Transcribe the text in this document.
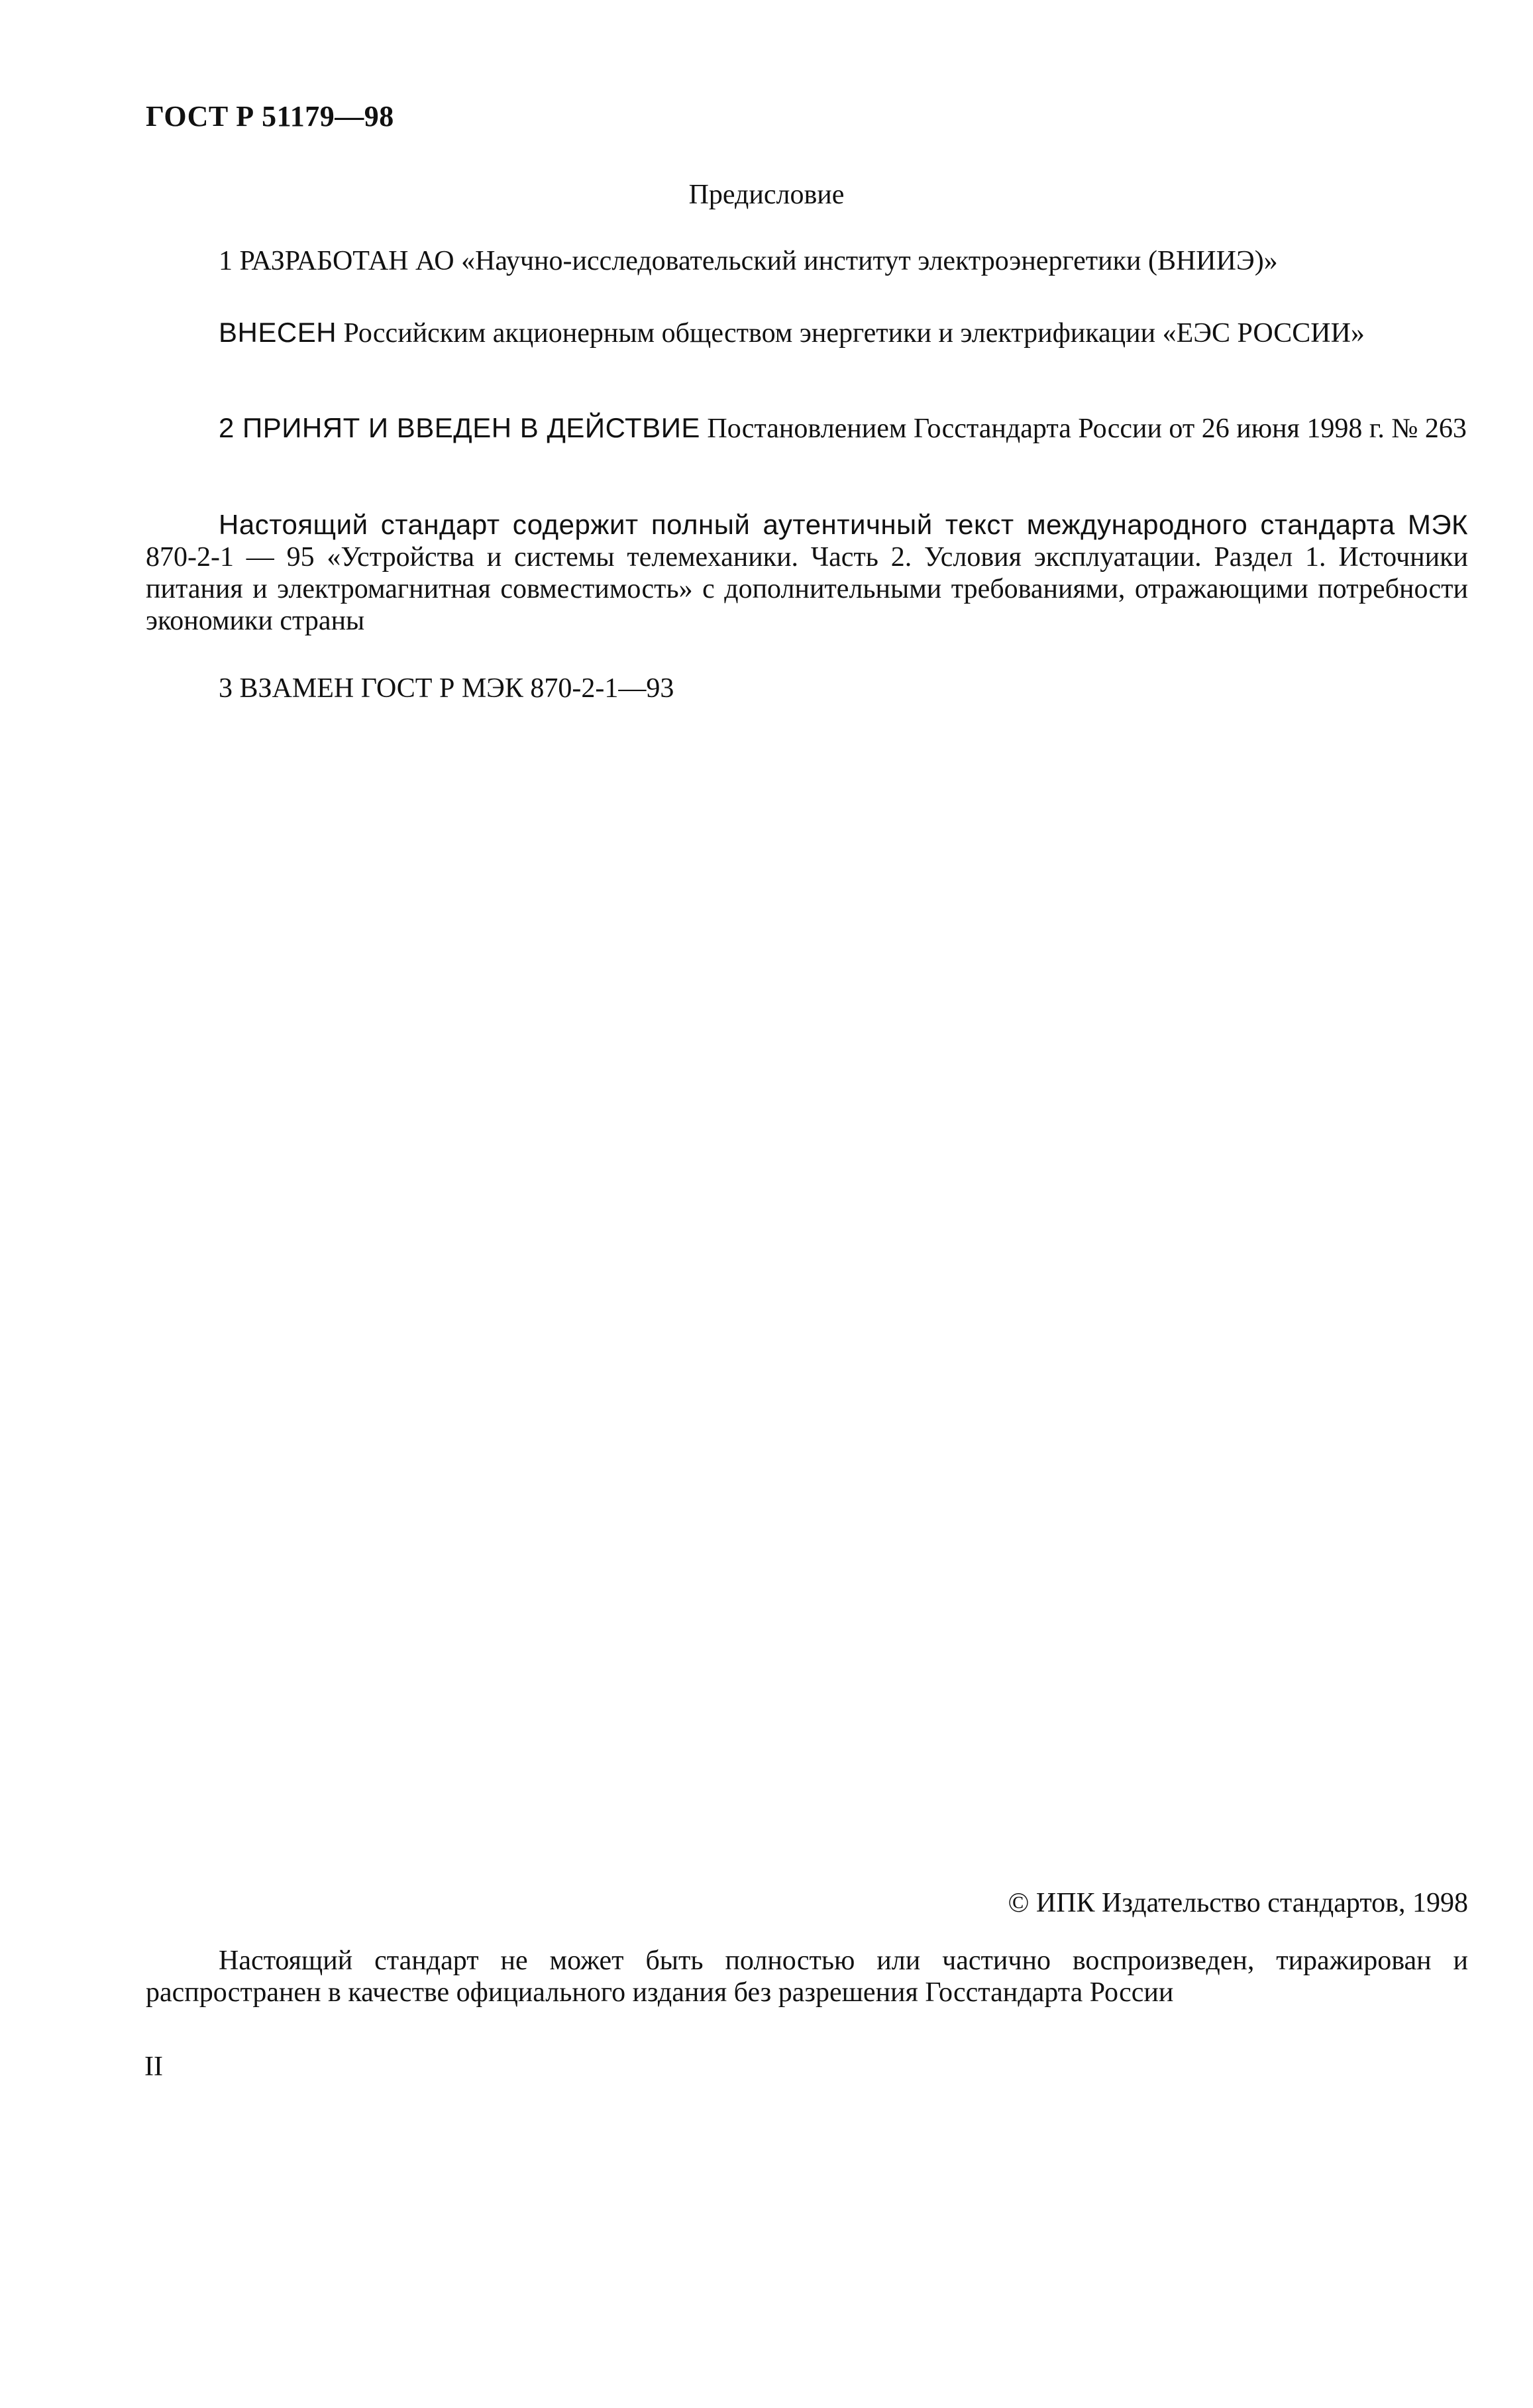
ГОСТ Р 51179—98
Предисловие
1 РАЗРАБОТАН АО «Научно-исследовательский институт электроэнергетики (ВНИИЭ)»
ВНЕСЕН Российским акционерным обществом энергетики и электрификации «ЕЭС РОССИИ»
2 ПРИНЯТ И ВВЕДЕН В ДЕЙСТВИЕ Постановлением Госстандарта России от 26 июня 1998 г. № 263
Настоящий стандарт содержит полный аутентичный текст международного стандарта МЭК 870-2-1 — 95 «Устройства и системы телемеханики. Часть 2. Условия эксплуатации. Раздел 1. Источники питания и электромагнитная совместимость» с дополнительными требованиями, отражающими потребности экономики страны
3 ВЗАМЕН ГОСТ Р МЭК 870-2-1—93
© ИПК Издательство стандартов, 1998
Настоящий стандарт не может быть полностью или частично воспроизведен, тиражирован и распространен в качестве официального издания без разрешения Госстандарта России
II
